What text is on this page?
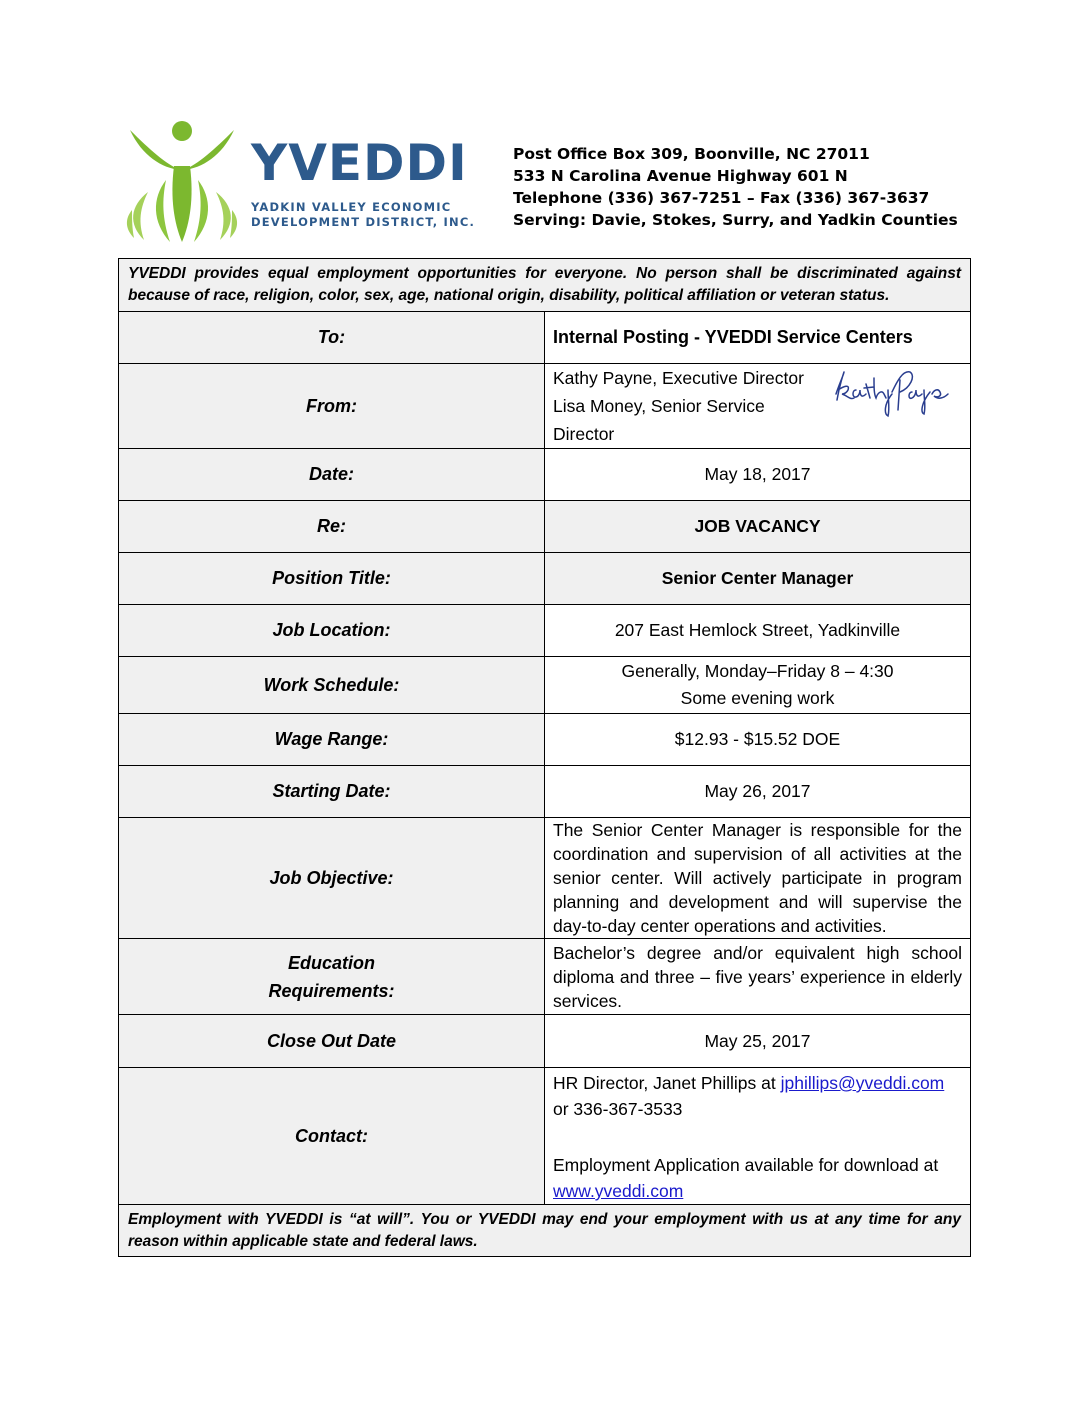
YVEDDI
YADKIN VALLEY ECONOMIC
DEVELOPMENT DISTRICT, INC.
Post Office Box 309, Boonville, NC 27011
533 N Carolina Avenue Highway 601 N
Telephone (336) 367-7251 – Fax (336) 367-3637
Serving: Davie, Stokes, Surry, and Yadkin Counties
YVEDDI provides equal employment opportunities for everyone. No person shall be discriminated against because of race, religion, color, sex, age, national origin, disability, political affiliation or veteran status.	
To:	Internal Posting - YVEDDI Service Centers
From:	Kathy Payne, Executive Director
Lisa Money, Senior Service Director

Date:	May 18, 2017
Re:	JOB VACANCY
Position Title:	Senior Center Manager
Job Location:	207 East Hemlock Street, Yadkinville
Work Schedule:	Generally, Monday–Friday 8 – 4:30
Some evening work

Wage Range:	$12.93 - $15.52 DOE
Starting Date:	May 26, 2017
Job Objective:	The Senior Center Manager is responsible for the coordination and supervision of all activities at the senior center. Will actively participate in program planning and development and will supervise the day-to-day center operations and activities.

Education
Requirements:	Bachelor’s degree and/or equivalent high school diploma and three – five years’ experience in elderly services.
Close Out Date	May 25, 2017
Contact:	HR Director, Janet Phillips at jphillips@yveddi.com or 336-367-3533
Employment Application available for download at www.yveddi.com

Employment with YVEDDI is “at will”. You or YVEDDI may end your employment with us at any time for any reason within applicable state and federal laws.	
